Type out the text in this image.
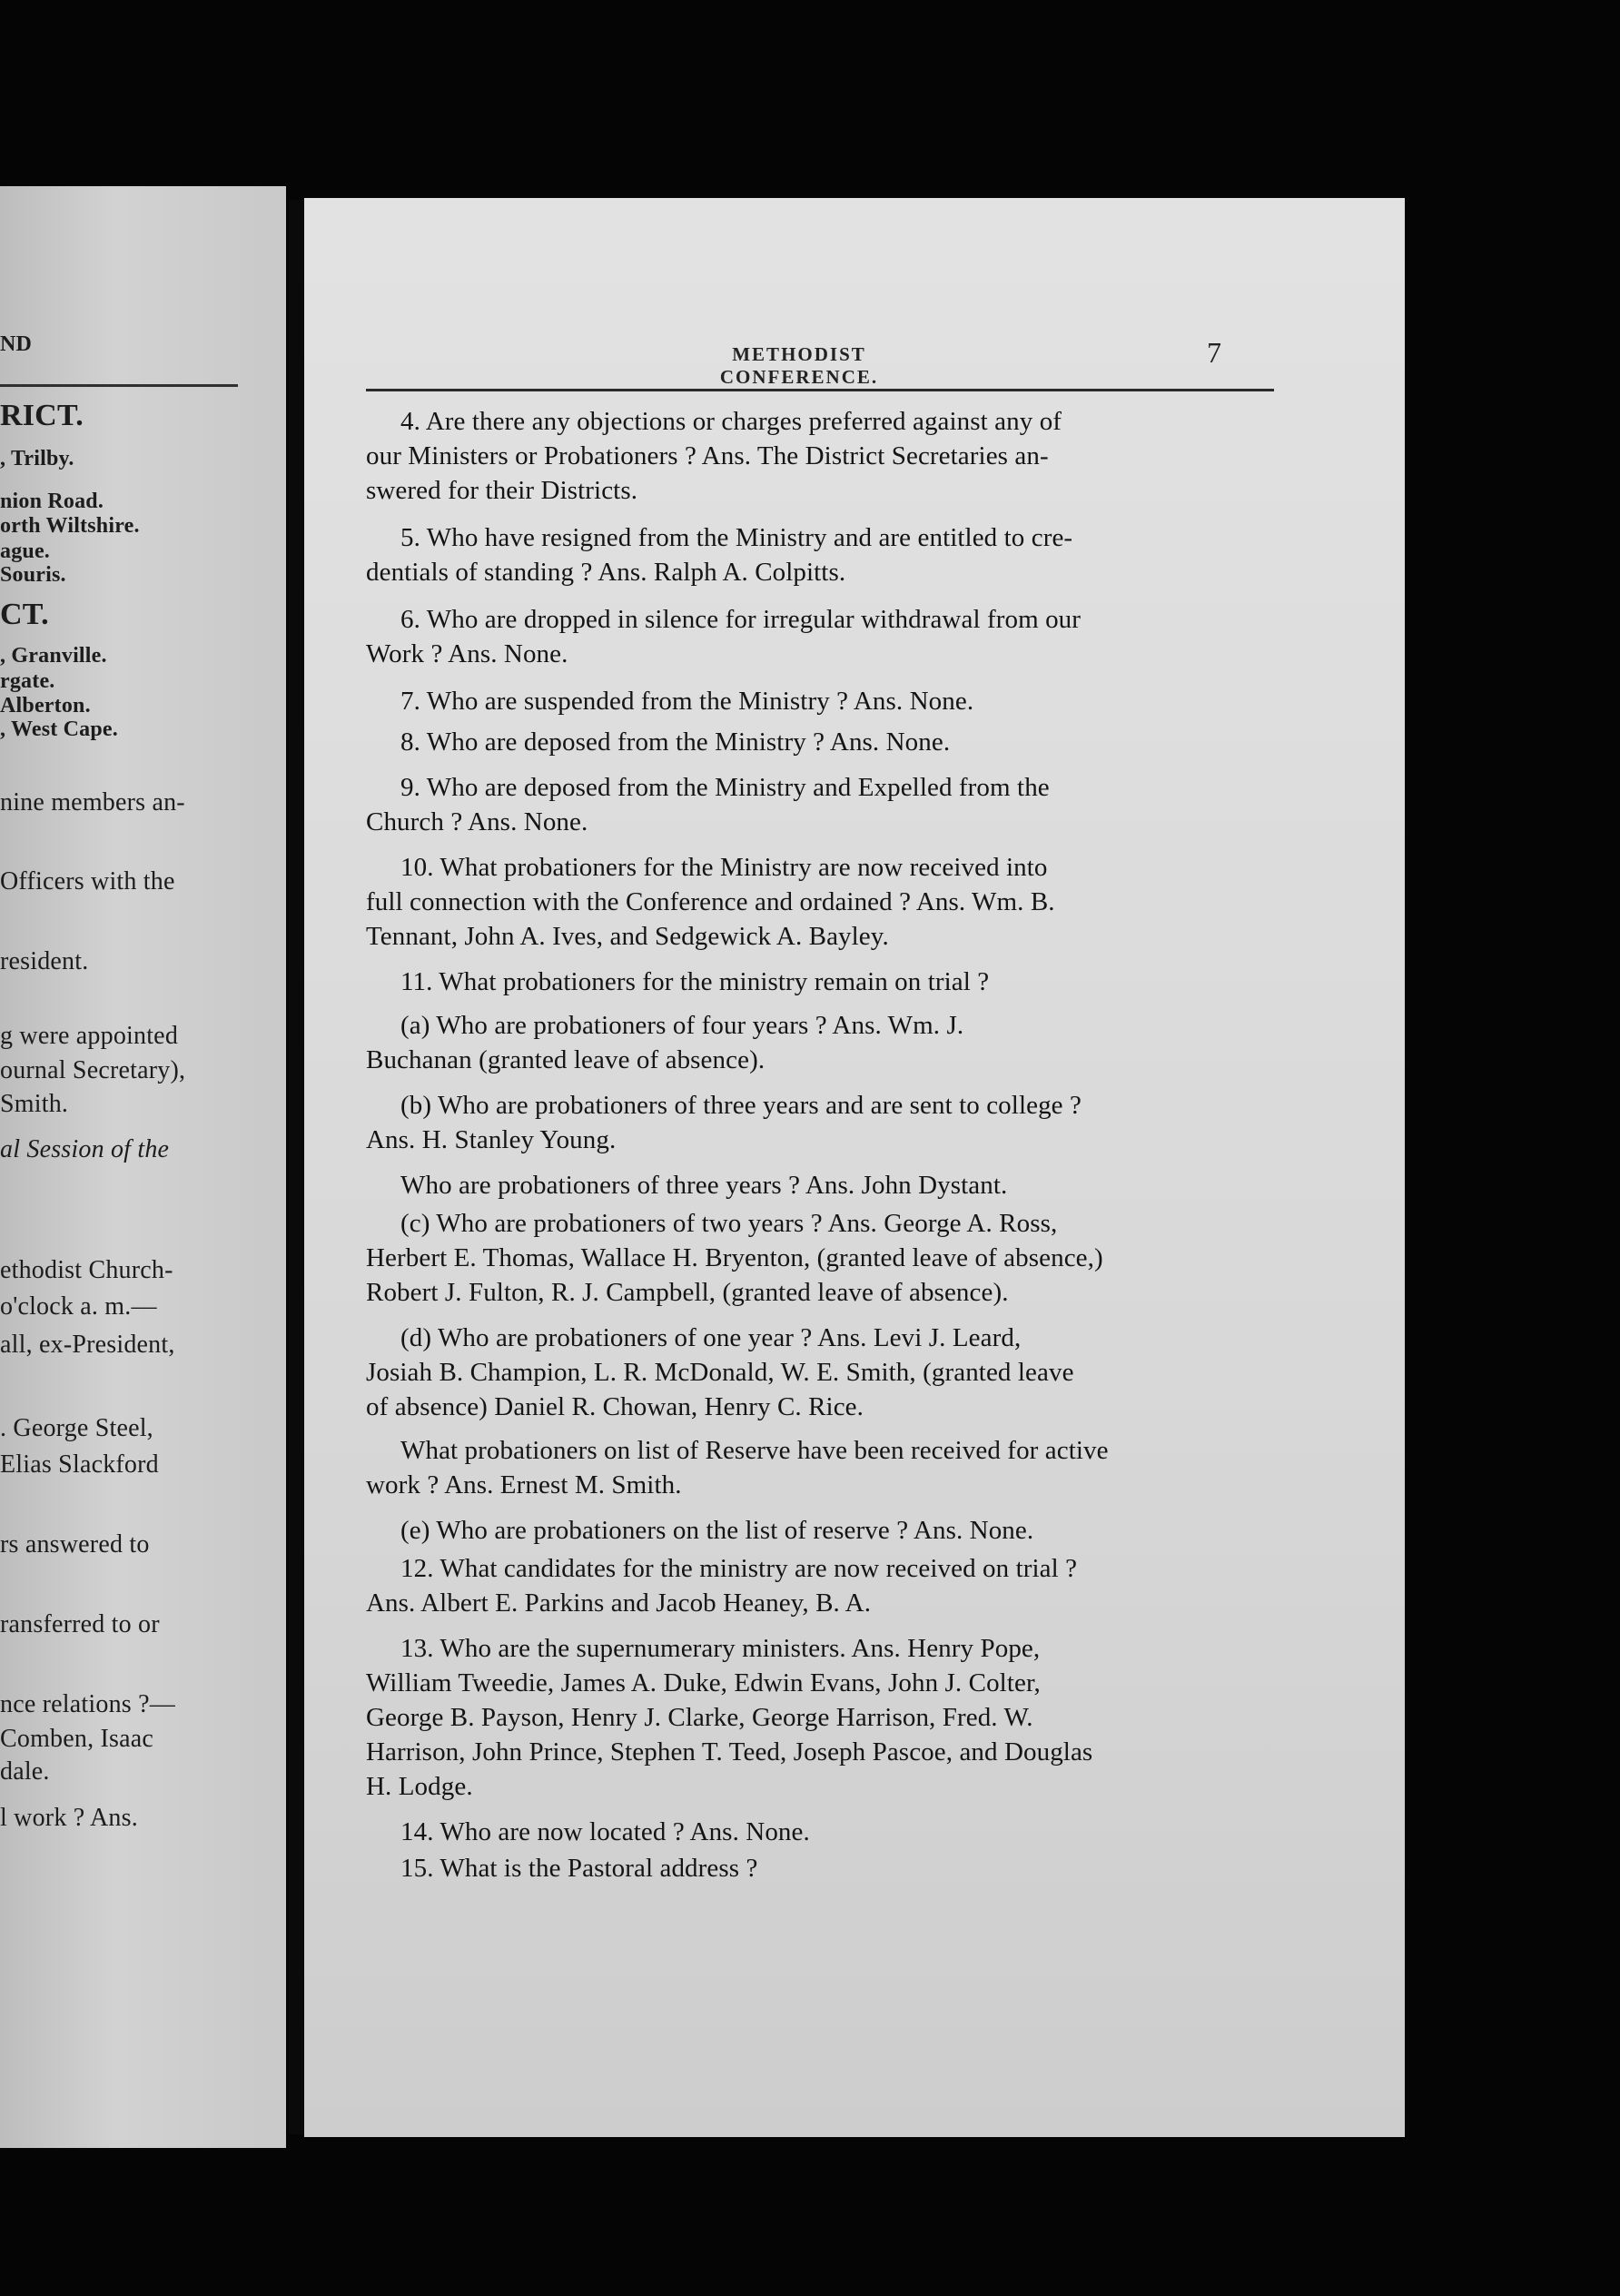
ND
RICT.
, Trilby.
nion Road.
orth Wiltshire.
ague.
Souris.
CT.
, Granville.
rgate.
Alberton.
, West Cape.
nine members an-
Officers with the
resident.
g were appointed
ournal Secretary),
Smith.
al Session of the
ethodist Church-
o'clock a. m.—
all, ex-President,
. George Steel,
Elias Slackford
rs answered to
ransferred to or
nce relations ?—
Comben, Isaac
dale.
l work ? Ans.
METHODIST CONFERENCE.
7
4. Are there any objections or charges preferred against any of
our Ministers or Probationers ? Ans. The District Secretaries an-
swered for their Districts.
5. Who have resigned from the Ministry and are entitled to cre-
dentials of standing ? Ans. Ralph A. Colpitts.
6. Who are dropped in silence for irregular withdrawal from our
Work ? Ans. None.
7. Who are suspended from the Ministry ? Ans. None.
8. Who are deposed from the Ministry ? Ans. None.
9. Who are deposed from the Ministry and Expelled from the
Church ? Ans. None.
10. What probationers for the Ministry are now received into
full connection with the Conference and ordained ? Ans. Wm. B.
Tennant, John A. Ives, and Sedgewick A. Bayley.
11. What probationers for the ministry remain on trial ?
(a) Who are probationers of four years ? Ans. Wm. J.
Buchanan (granted leave of absence).
(b) Who are probationers of three years and are sent to college ?
Ans. H. Stanley Young.
Who are probationers of three years ? Ans. John Dystant.
(c) Who are probationers of two years ? Ans. George A. Ross,
Herbert E. Thomas, Wallace H. Bryenton, (granted leave of absence,)
Robert J. Fulton, R. J. Campbell, (granted leave of absence).
(d) Who are probationers of one year ? Ans. Levi J. Leard,
Josiah B. Champion, L. R. McDonald, W. E. Smith, (granted leave
of absence) Daniel R. Chowan, Henry C. Rice.
What probationers on list of Reserve have been received for active
work ? Ans. Ernest M. Smith.
(e) Who are probationers on the list of reserve ? Ans. None.
12. What candidates for the ministry are now received on trial ?
Ans. Albert E. Parkins and Jacob Heaney, B. A.
13. Who are the supernumerary ministers. Ans. Henry Pope,
William Tweedie, James A. Duke, Edwin Evans, John J. Colter,
George B. Payson, Henry J. Clarke, George Harrison, Fred. W.
Harrison, John Prince, Stephen T. Teed, Joseph Pascoe, and Douglas
H. Lodge.
14. Who are now located ? Ans. None.
15. What is the Pastoral address ?
